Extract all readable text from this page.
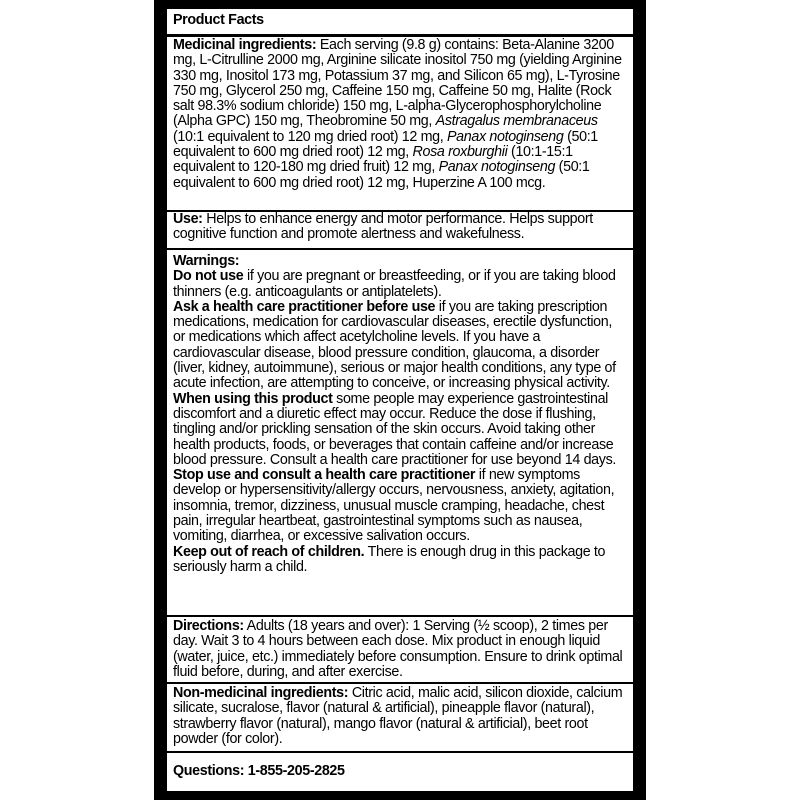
Product Facts

Medicinal ingredients: Each serving (9.8 g) contains: Beta-Alanine 3200 mg, L-Citrulline 2000 mg, Arginine silicate inositol 750 mg (yielding Arginine 330 mg, Inositol 173 mg, Potassium 37 mg, and Silicon 65 mg), L-Tyrosine 750 mg, Glycerol 250 mg, Caffeine 150 mg, Caffeine 50 mg, Halite (Rock salt 98.3% sodium chloride) 150 mg, L-alpha-Glycerophosphorylcholine (Alpha GPC) 150 mg, Theobromine 50 mg, Astragalus membranaceus (10:1 equivalent to 120 mg dried root) 12 mg, Panax notoginseng (50:1 equivalent to 600 mg dried root) 12 mg, Rosa roxburghii (10:1-15:1 equivalent to 120-180 mg dried fruit) 12 mg, Panax notoginseng (50:1 equivalent to 600 mg dried root) 12 mg, Huperzine A 100 mcg.

Use: Helps to enhance energy and motor performance. Helps support cognitive function and promote alertness and wakefulness.

Warnings:

Do not use if you are pregnant or breastfeeding, or if you are taking blood thinners (e.g. anticoagulants or antiplatelets).

Ask a health care practitioner before use if you are taking prescription medications, medication for cardiovascular diseases, erectile dysfunction, or medications which affect acetylcholine levels. If you have a cardiovascular disease, blood pressure condition, glaucoma, a disorder (liver, kidney, autoimmune), serious or major health conditions, any type of acute infection, are attempting to conceive, or increasing physical activity.

When using this product some people may experience gastrointestinal discomfort and a diuretic effect may occur. Reduce the dose if flushing, tingling and/or prickling sensation of the skin occurs. Avoid taking other health products, foods, or beverages that contain caffeine and/or increase blood pressure. Consult a health care practitioner for use beyond 14 days.

Stop use and consult a health care practitioner if new symptoms develop or hypersensitivity/allergy occurs, nervousness, anxiety, agitation, insomnia, tremor, dizziness, unusual muscle cramping, headache, chest pain, irregular heartbeat, gastrointestinal symptoms such as nausea, vomiting, diarrhea, or excessive salivation occurs.

Keep out of reach of children. There is enough drug in this package to seriously harm a child.

Directions: Adults (18 years and over): 1 Serving (½ scoop), 2 times per day. Wait 3 to 4 hours between each dose. Mix product in enough liquid (water, juice, etc.) immediately before consumption. Ensure to drink optimal fluid before, during, and after exercise.

Non-medicinal ingredients: Citric acid, malic acid, silicon dioxide, calcium silicate, sucralose, flavor (natural & artificial), pineapple flavor (natural), strawberry flavor (natural), mango flavor (natural & artificial), beet root powder (for color).

Questions: 1-855-205-2825
